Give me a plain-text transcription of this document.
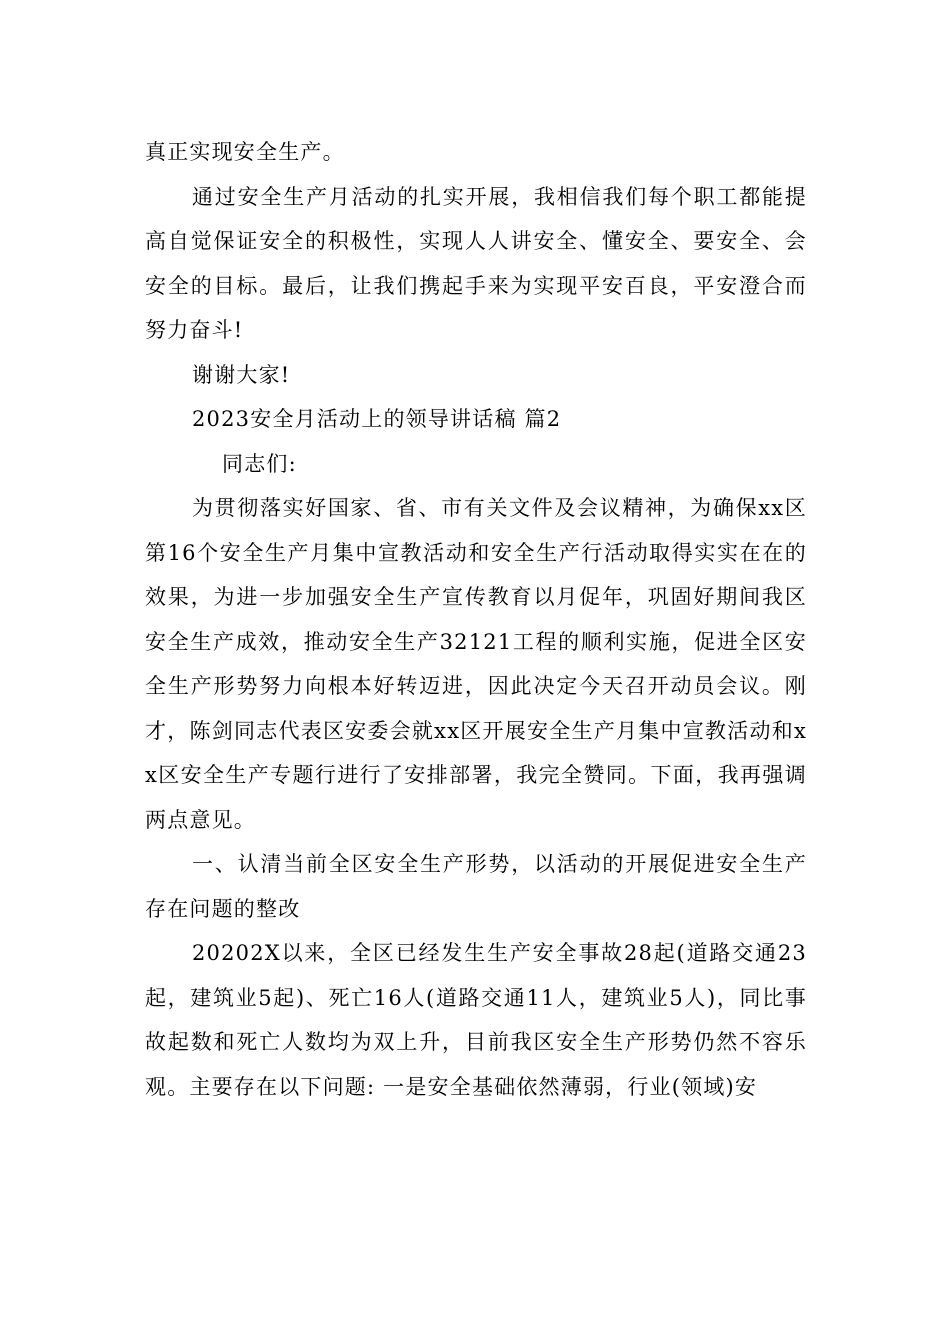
真正实现安全生产。

通过安全生产月活动的扎实开展，我相信我们每个职工都能提高自觉保证安全的积极性，实现人人讲安全、懂安全、要安全、会安全的目标。最后，让我们携起手来为实现平安百良，平安澄合而努力奋斗!

谢谢大家!

2023安全月活动上的领导讲话稿 篇2

同志们:

为贯彻落实好国家、省、市有关文件及会议精神，为确保xx区第16个安全生产月集中宣教活动和安全生产行活动取得实实在在的效果，为进一步加强安全生产宣传教育以月促年，巩固好期间我区安全生产成效，推动安全生产32121工程的顺利实施，促进全区安全生产形势努力向根本好转迈进，因此决定今天召开动员会议。刚才，陈剑同志代表区安委会就xx区开展安全生产月集中宣教活动和xx区安全生产专题行进行了安排部署，我完全赞同。下面，我再强调两点意见。

一、认清当前全区安全生产形势，以活动的开展促进安全生产存在问题的整改

20202X以来，全区已经发生生产安全事故28起(道路交通23起，建筑业5起)、死亡16人(道路交通11人，建筑业5人)，同比事故起数和死亡人数均为双上升，目前我区安全生产形势仍然不容乐观。主要存在以下问题: 一是安全基础依然薄弱，行业(领域)安
